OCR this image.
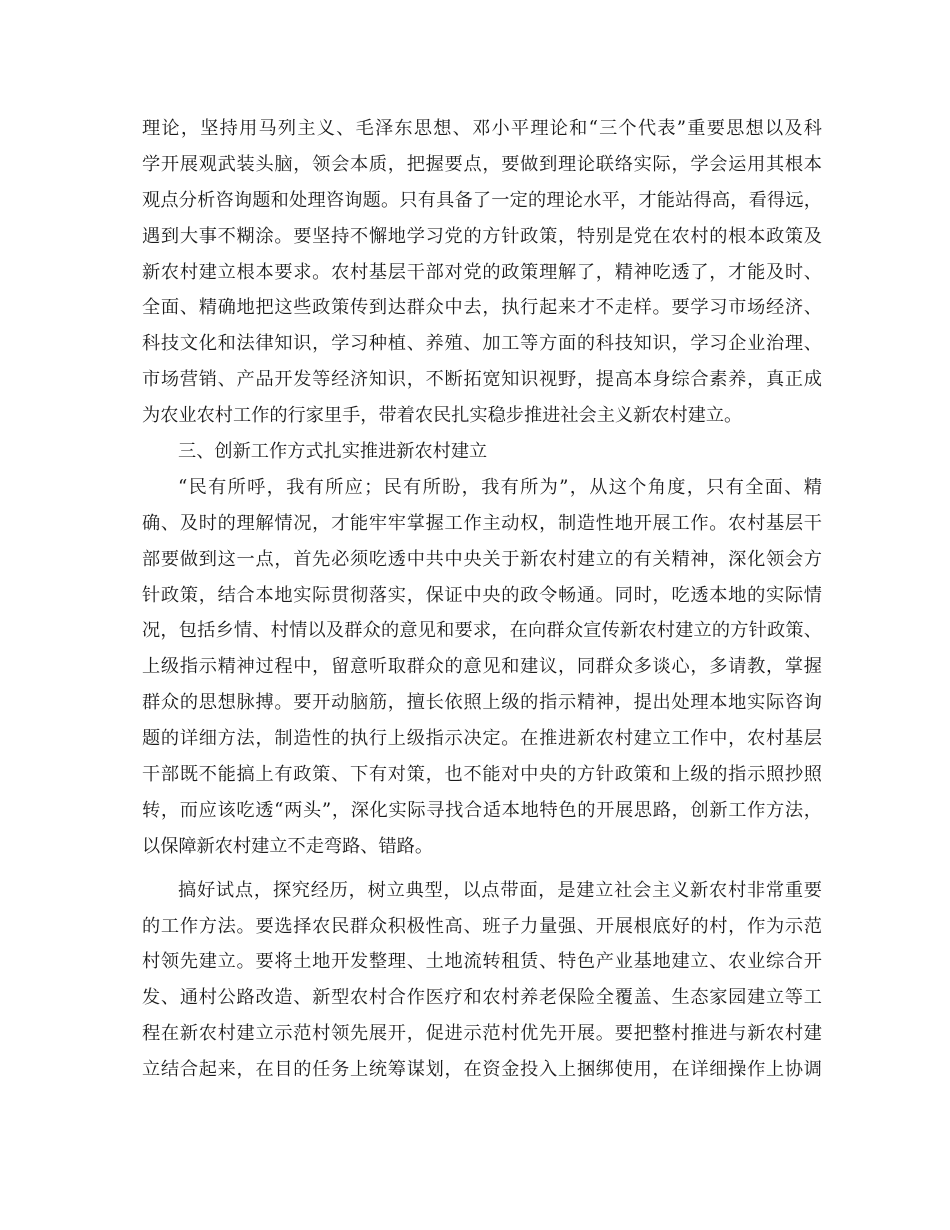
理论，坚持用马列主义、毛泽东思想、邓小平理论和“三个代表”重要思想以及科
学开展观武装头脑，领会本质，把握要点，要做到理论联络实际，学会运用其根本
观点分析咨询题和处理咨询题。只有具备了一定的理论水平，才能站得高，看得远，
遇到大事不糊涂。要坚持不懈地学习党的方针政策，特别是党在农村的根本政策及
新农村建立根本要求。农村基层干部对党的政策理解了，精神吃透了，才能及时、
全面、精确地把这些政策传到达群众中去，执行起来才不走样。要学习市场经济、
科技文化和法律知识，学习种植、养殖、加工等方面的科技知识，学习企业治理、
市场营销、产品开发等经济知识，不断拓宽知识视野，提高本身综合素养，真正成
为农业农村工作的行家里手，带着农民扎实稳步推进社会主义新农村建立。
三、创新工作方式扎实推进新农村建立
“民有所呼，我有所应；民有所盼，我有所为”，从这个角度，只有全面、精
确、及时的理解情况，才能牢牢掌握工作主动权，制造性地开展工作。农村基层干
部要做到这一点，首先必须吃透中共中央关于新农村建立的有关精神，深化领会方
针政策，结合本地实际贯彻落实，保证中央的政令畅通。同时，吃透本地的实际情
况，包括乡情、村情以及群众的意见和要求，在向群众宣传新农村建立的方针政策、
上级指示精神过程中，留意听取群众的意见和建议，同群众多谈心，多请教，掌握
群众的思想脉搏。要开动脑筋，擅长依照上级的指示精神，提出处理本地实际咨询
题的详细方法，制造性的执行上级指示决定。在推进新农村建立工作中，农村基层
干部既不能搞上有政策、下有对策，也不能对中央的方针政策和上级的指示照抄照
转，而应该吃透“两头”，深化实际寻找合适本地特色的开展思路，创新工作方法，
以保障新农村建立不走弯路、错路。
搞好试点，探究经历，树立典型，以点带面，是建立社会主义新农村非常重要
的工作方法。要选择农民群众积极性高、班子力量强、开展根底好的村，作为示范
村领先建立。要将土地开发整理、土地流转租赁、特色产业基地建立、农业综合开
发、通村公路改造、新型农村合作医疗和农村养老保险全覆盖、生态家园建立等工
程在新农村建立示范村领先展开，促进示范村优先开展。要把整村推进与新农村建
立结合起来，在目的任务上统筹谋划，在资金投入上捆绑使用，在详细操作上协调
